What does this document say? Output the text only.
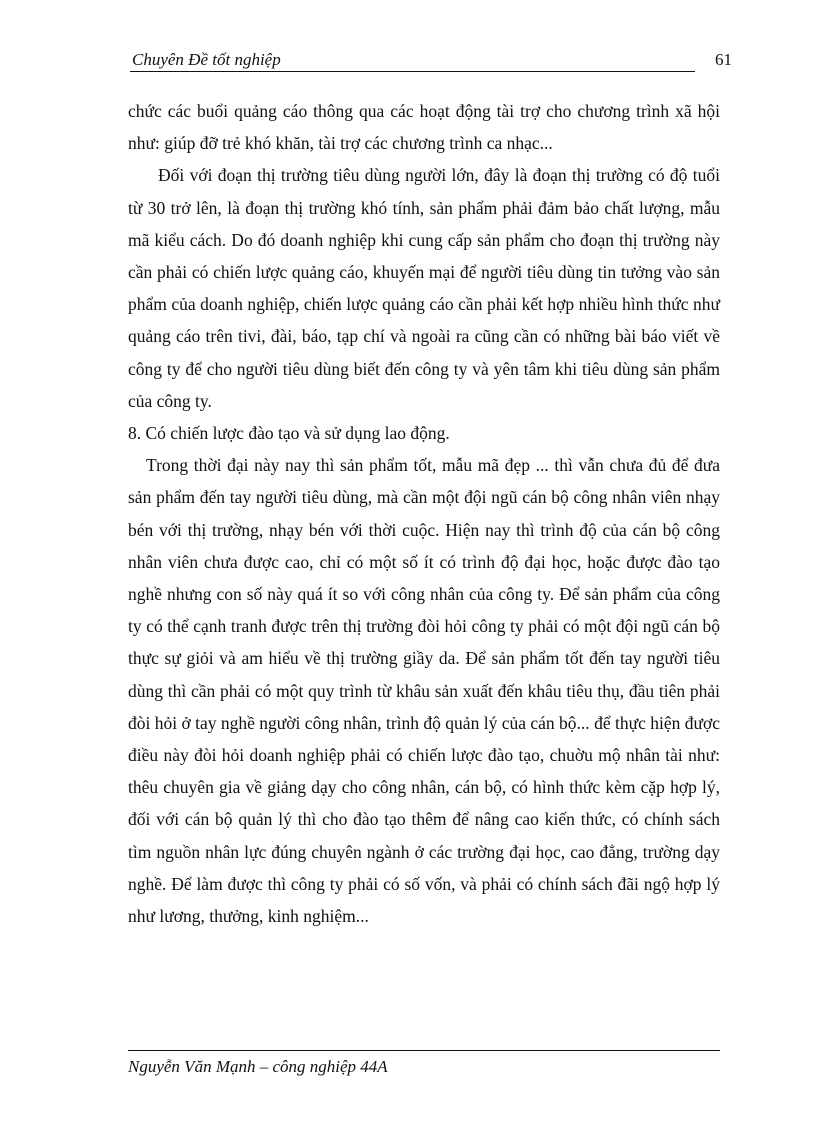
Chuyên Đề tốt nghiệp	61

chức các buổi quảng cáo thông qua các hoạt động tài trợ cho chương trình xã hội như: giúp đỡ trẻ khó khăn, tài trợ các chương trình ca nhạc...

Đối với đoạn thị trường tiêu dùng người lớn, đây là đoạn thị trường có độ tuổi từ 30 trở lên, là đoạn thị trường khó tính, sản phẩm phải đảm bảo chất lượng, mẫu mã kiểu cách. Do đó doanh nghiệp khi cung cấp sản phẩm cho đoạn thị trường này cần phải có chiến lược quảng cáo, khuyến mại để người tiêu dùng tin tưởng vào sản phẩm của doanh nghiệp, chiến lược quảng cáo cần phải kết hợp nhiều hình thức như quảng cáo trên tivi, đài, báo, tạp chí và ngoài ra cũng cần có những bài báo viết về công ty để cho người tiêu dùng biết đến công ty và yên tâm khi tiêu dùng sản phẩm của công ty.

8. Có chiến lược đào tạo và sử dụng lao động.

Trong thời đại này nay thì sản phẩm tốt, mẫu mã đẹp ... thì vẫn chưa đủ để đưa sản phẩm đến tay người tiêu dùng, mà cần một đội ngũ cán bộ công nhân viên nhạy bén với thị trường, nhạy bén với thời cuộc. Hiện nay thì trình độ của cán bộ công nhân viên chưa được cao, chỉ có một số ít có trình độ đại học, hoặc được đào tạo nghề nhưng con số này quá ít so với công nhân của công ty. Để sản phẩm của công ty có thể cạnh tranh được trên thị trường đòi hỏi công ty phải có một đội ngũ cán bộ thực sự giỏi và am hiểu về thị trường giầy da. Để sản phẩm tốt đến tay người tiêu dùng thì cần phải có một quy trình từ khâu sản xuất đến khâu tiêu thụ, đầu tiên phải đòi hỏi ở tay nghề người công nhân, trình độ quản lý của cán bộ... để thực hiện được điều này đòi hỏi doanh nghiệp phải có chiến lược đào tạo, chuờu mộ nhân tài như: thêu chuyên gia về giảng dạy cho công nhân, cán bộ, có hình thức kèm cặp hợp lý, đối với cán bộ quản lý thì cho đào tạo thêm để nâng cao kiến thức, có chính sách tìm nguồn nhân lực đúng chuyên ngành ở các trường đại học, cao đẳng, trường dạy nghề. Để làm được thì công ty phải có số vốn, và phải có chính sách đãi ngộ hợp lý như lương, thưởng, kinh nghiệm...

Nguyễn Văn Mạnh – công nghiệp 44A
